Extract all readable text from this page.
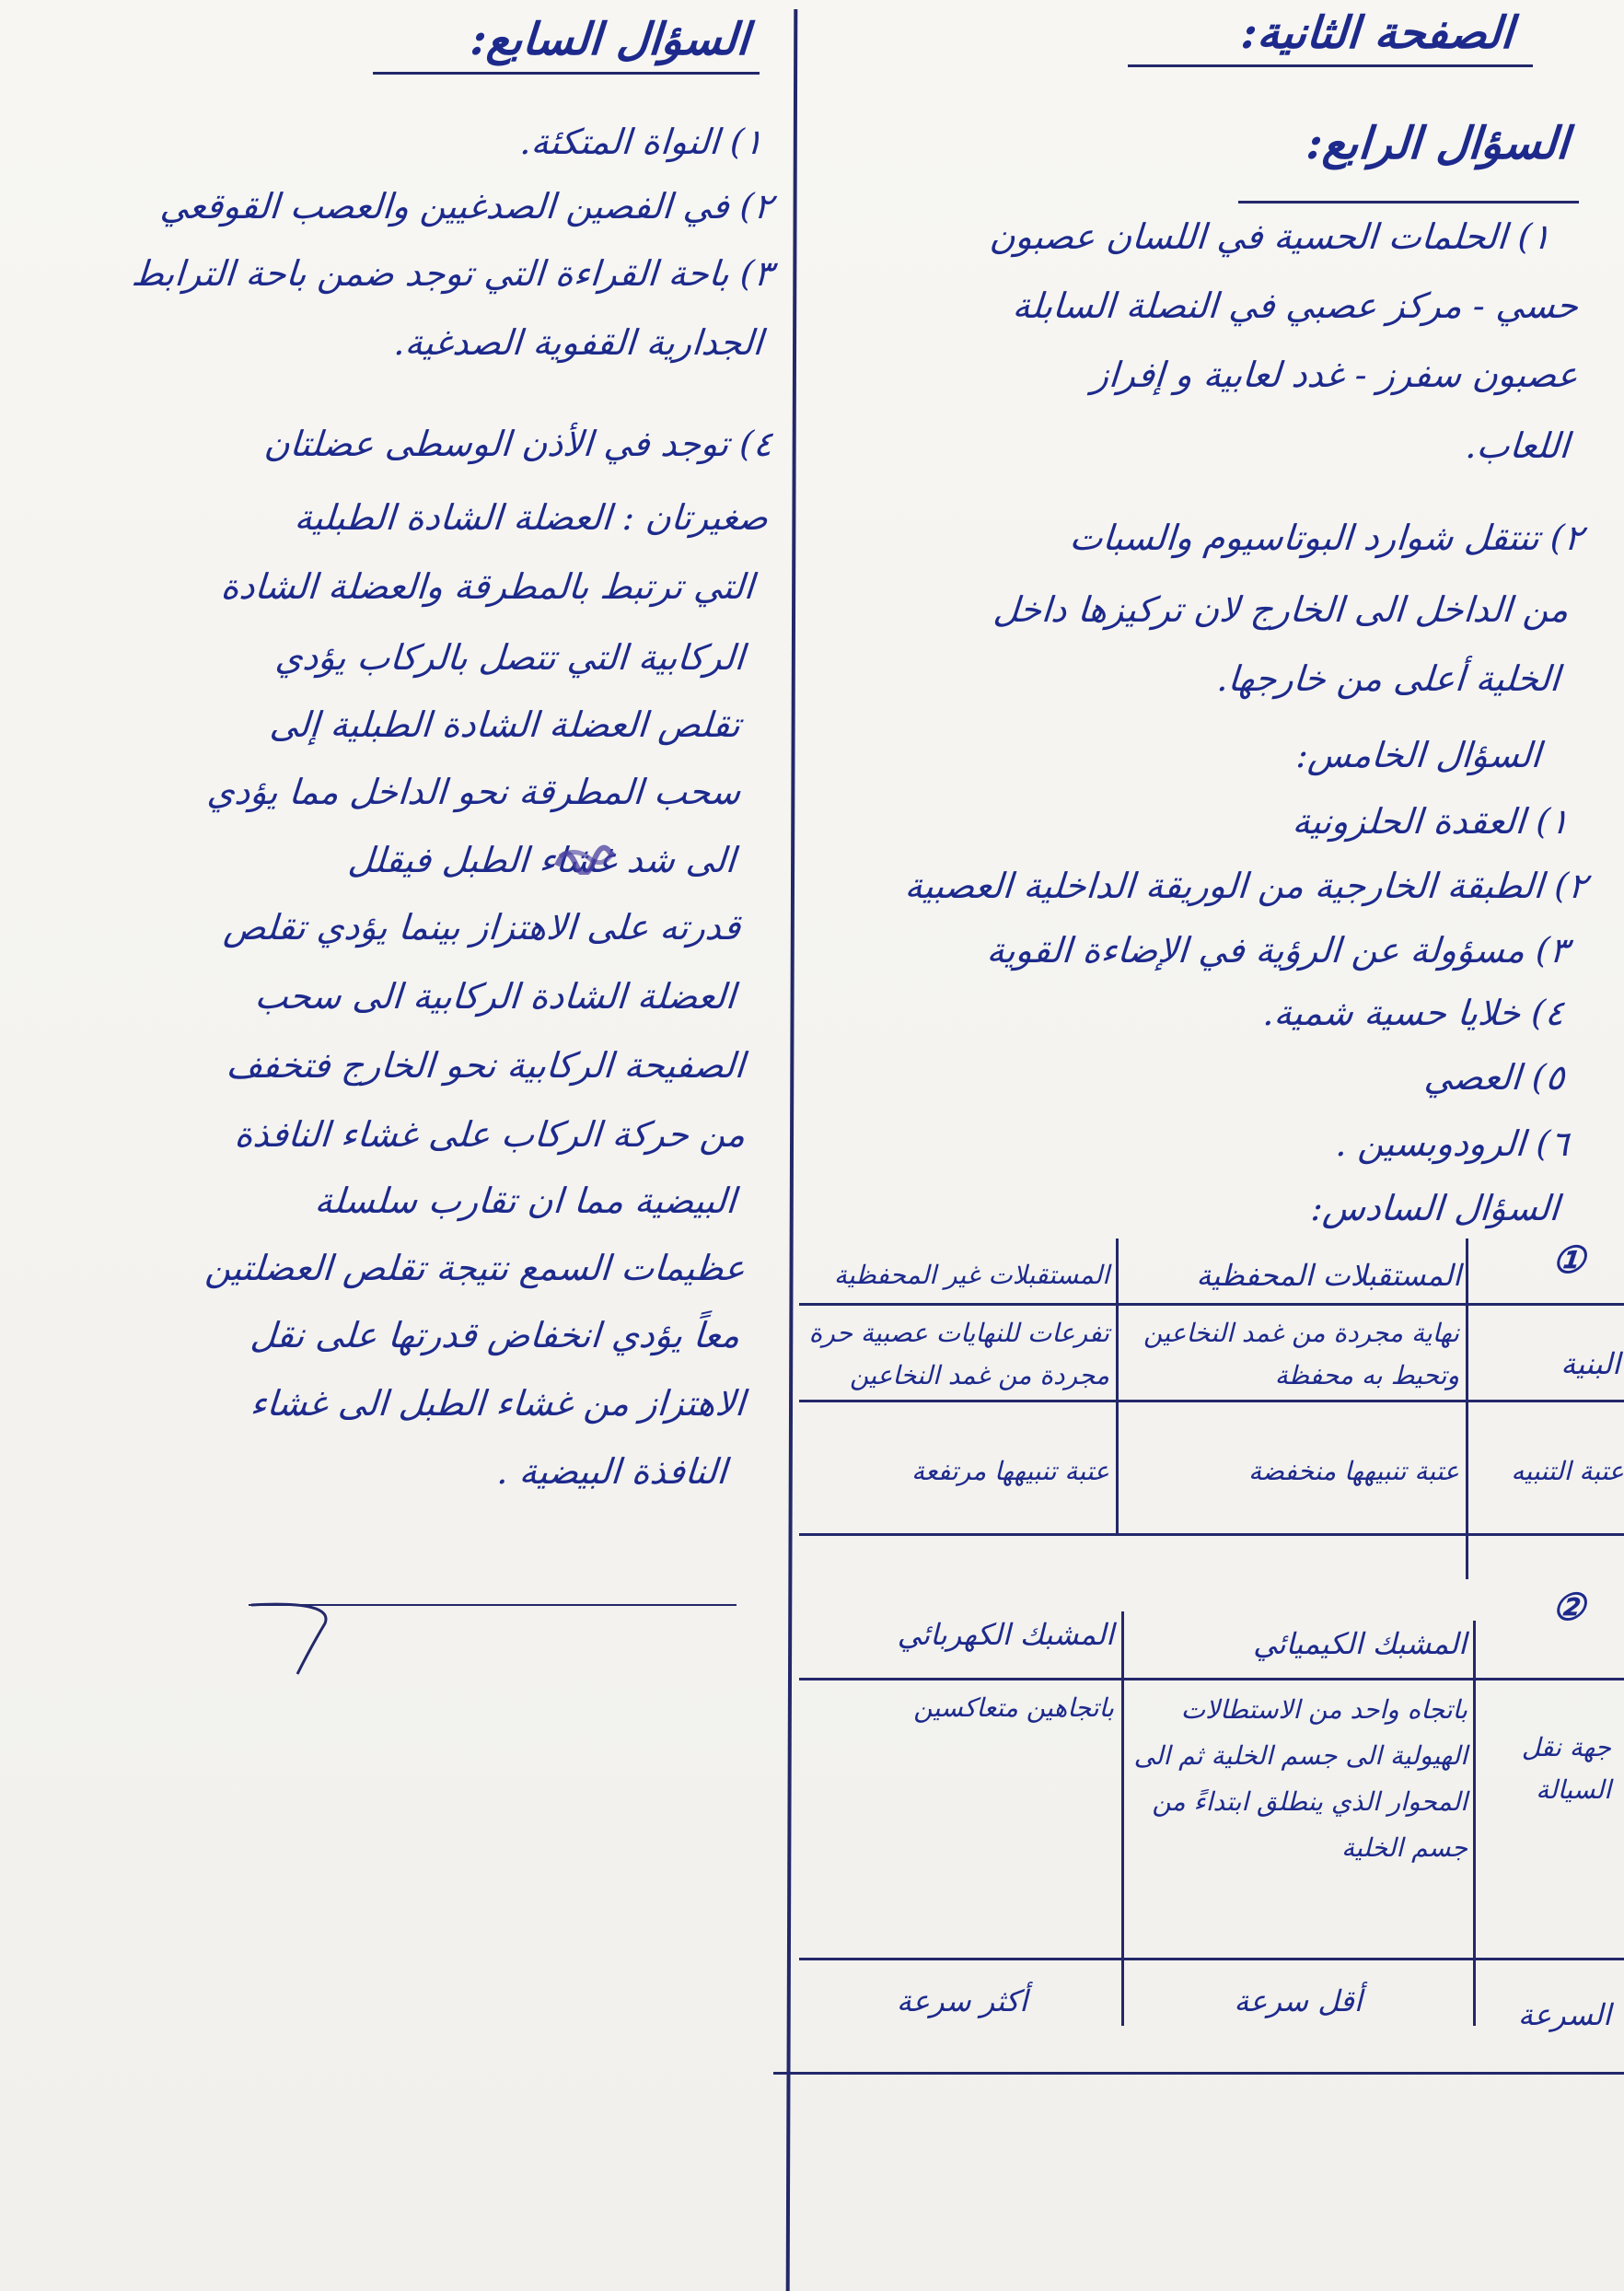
الصفحة الثانية:
السؤال الرابع:
١) الحلمات الحسية في اللسان عصبون
حسي - مركز عصبي في النصلة السابلة
عصبون سفرز - غدد لعابية و إفراز
اللعاب.
٢) تنتقل شوارد البوتاسيوم والسبات
من الداخل الى الخارج لان تركيزها داخل
الخلية أعلى من خارجها.
السؤال الخامس:
١) العقدة الحلزونية
٢) الطبقة الخارجية من الوريقة الداخلية العصبية
٣) مسؤولة عن الرؤية في الإضاءة القوية
٤) خلايا حسية شمية.
٥) العصي
٦) الرودوبسين .
السؤال السادس:
①
المستقبلات المحفظية
المستقبلات غير المحفظية
البنية
نهاية مجردة من غمد النخاعين وتحيط به محفظة
تفرعات للنهايات عصبية حرة مجردة من غمد النخاعين
عتبة التنبيه
عتبة تنبيهها منخفضة
عتبة تنبيهها مرتفعة
②
المشبك الكيميائي
المشبك الكهربائي
جهة نقل السيالة
باتجاه واحد من الاستطالات الهيولية الى جسم الخلية ثم الى المحوار الذي ينطلق ابتداءً من جسم الخلية
باتجاهين متعاكسين
السرعة
أقل سرعة
أكثر سرعة
السؤال السابع:
١) النواة المتكئة.
٢) في الفصين الصدغيين والعصب القوقعي
٣) باحة القراءة التي توجد ضمن باحة الترابط
الجدارية القفوية الصدغية.
٤) توجد في الأذن الوسطى عضلتان
صغيرتان : العضلة الشادة الطبلية
التي ترتبط بالمطرقة والعضلة الشادة
الركابية التي تتصل بالركاب يؤدي
تقلص العضلة الشادة الطبلية إلى
سحب المطرقة نحو الداخل مما يؤدي
الى شد غشاء الطبل فيقلل
قدرته على الاهتزاز بينما يؤدي تقلص
العضلة الشادة الركابية الى سحب
الصفيحة الركابية نحو الخارج فتخفف
من حركة الركاب على غشاء النافذة
البيضية مما ان تقارب سلسلة
عظيمات السمع نتيجة تقلص العضلتين
معاً يؤدي انخفاض قدرتها على نقل
الاهتزاز من غشاء الطبل الى غشاء
النافذة البيضية .
